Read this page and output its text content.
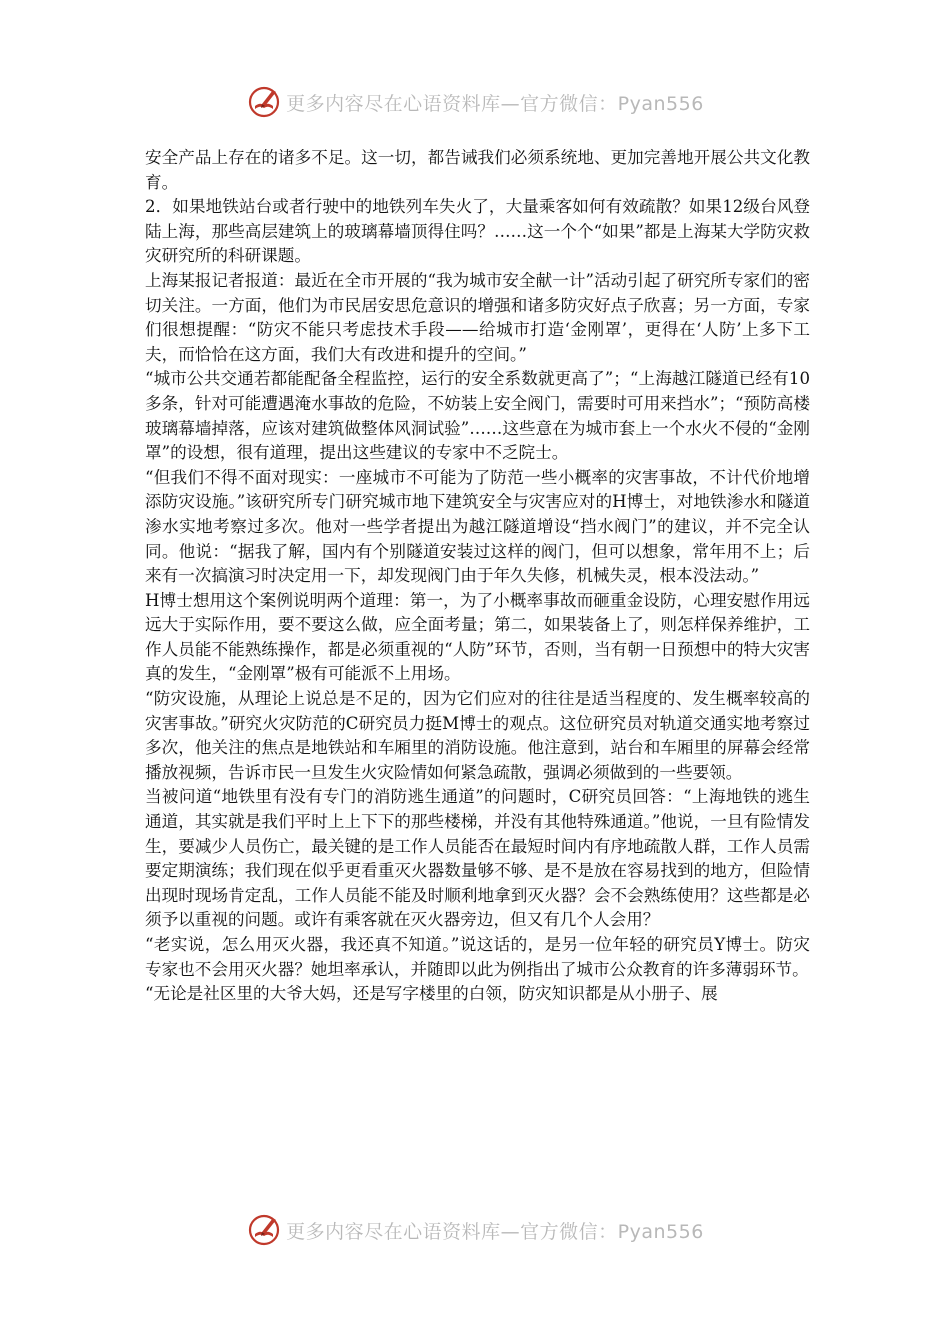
更多内容尽在心语资料库—官方微信：Pyan556

安全产品上存在的诸多不足。这一切，都告诫我们必须系统地、更加完善地开展公共文化教育。

2．如果地铁站台或者行驶中的地铁列车失火了，大量乘客如何有效疏散？如果12级台风登陆上海，那些高层建筑上的玻璃幕墙顶得住吗？……这一个个“如果”都是上海某大学防灾救灾研究所的科研课题。

上海某报记者报道：最近在全市开展的“我为城市安全献一计”活动引起了研究所专家们的密切关注。一方面，他们为市民居安思危意识的增强和诸多防灾好点子欣喜；另一方面，专家们很想提醒：“防灾不能只考虑技术手段——给城市打造‘金刚罩’，更得在‘人防’上多下工夫，而恰恰在这方面，我们大有改进和提升的空间。”

“城市公共交通若都能配备全程监控，运行的安全系数就更高了”；“上海越江隧道已经有10多条，针对可能遭遇淹水事故的危险，不妨装上安全阀门，需要时可用来挡水”；“预防高楼玻璃幕墙掉落，应该对建筑做整体风洞试验”……这些意在为城市套上一个水火不侵的“金刚罩”的设想，很有道理，提出这些建议的专家中不乏院士。

“但我们不得不面对现实：一座城市不可能为了防范一些小概率的灾害事故，不计代价地增添防灾设施。”该研究所专门研究城市地下建筑安全与灾害应对的H博士，对地铁渗水和隧道渗水实地考察过多次。他对一些学者提出为越江隧道增设“挡水阀门”的建议，并不完全认同。他说：“据我了解，国内有个别隧道安装过这样的阀门，但可以想象，常年用不上；后来有一次搞演习时决定用一下，却发现阀门由于年久失修，机械失灵，根本没法动。”

H博士想用这个案例说明两个道理：第一，为了小概率事故而砸重金设防，心理安慰作用远远大于实际作用，要不要这么做，应全面考量；第二，如果装备上了，则怎样保养维护，工作人员能不能熟练操作，都是必须重视的“人防”环节，否则，当有朝一日预想中的特大灾害真的发生，“金刚罩”极有可能派不上用场。

“防灾设施，从理论上说总是不足的，因为它们应对的往往是适当程度的、发生概率较高的灾害事故。”研究火灾防范的C研究员力挺M博士的观点。这位研究员对轨道交通实地考察过多次，他关注的焦点是地铁站和车厢里的消防设施。他注意到，站台和车厢里的屏幕会经常播放视频，告诉市民一旦发生火灾险情如何紧急疏散，强调必须做到的一些要领。

当被问道“地铁里有没有专门的消防逃生通道”的问题时，C研究员回答：“上海地铁的逃生通道，其实就是我们平时上上下下的那些楼梯，并没有其他特殊通道。”他说，一旦有险情发生，要减少人员伤亡，最关键的是工作人员能否在最短时间内有序地疏散人群，工作人员需要定期演练；我们现在似乎更看重灭火器数量够不够、是不是放在容易找到的地方，但险情出现时现场肯定乱，工作人员能不能及时顺利地拿到灭火器？会不会熟练使用？这些都是必须予以重视的问题。或许有乘客就在灭火器旁边，但又有几个人会用？

“老实说，怎么用灭火器，我还真不知道。”说这话的，是另一位年轻的研究员Y博士。防灾专家也不会用灭火器？她坦率承认，并随即以此为例指出了城市公众教育的许多薄弱环节。

“无论是社区里的大爷大妈，还是写字楼里的白领，防灾知识都是从小册子、展

更多内容尽在心语资料库—官方微信：Pyan556
